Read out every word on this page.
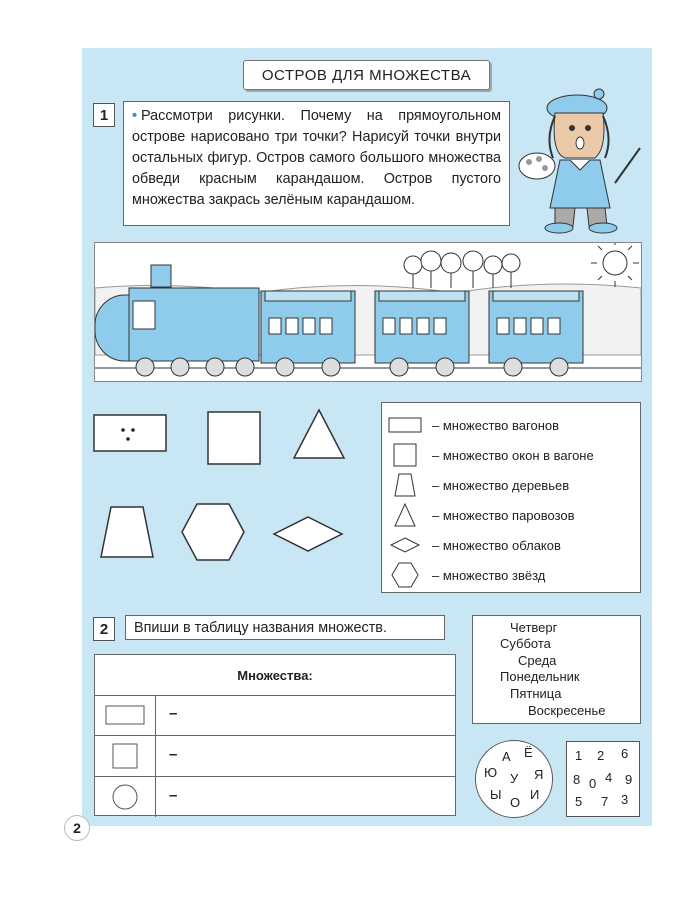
ОСТРОВ ДЛЯ МНОЖЕСТВА
1	• Рассмотри рисунки. Почему на прямоугольном острове нарисовано три точки? Нарисуй точки внутри остальных фигур. Остров самого большого множества обведи красным карандашом. Остров пустого множества закрась зелёным карандашом.
– множество вагонов
– множество окон в вагоне
– множество деревьев
– множество паровозов
– множество облаков
– множество звёзд
2	Впиши в таблицу названия множеств.	Четверг
Суббота
Среда
Понедельник
Пятница
Воскресенье
Множества:
–
–
–
А Ё
Ю У Я
Ы
О
И
1 2 6
8 0 4 9
5 7 3
2
